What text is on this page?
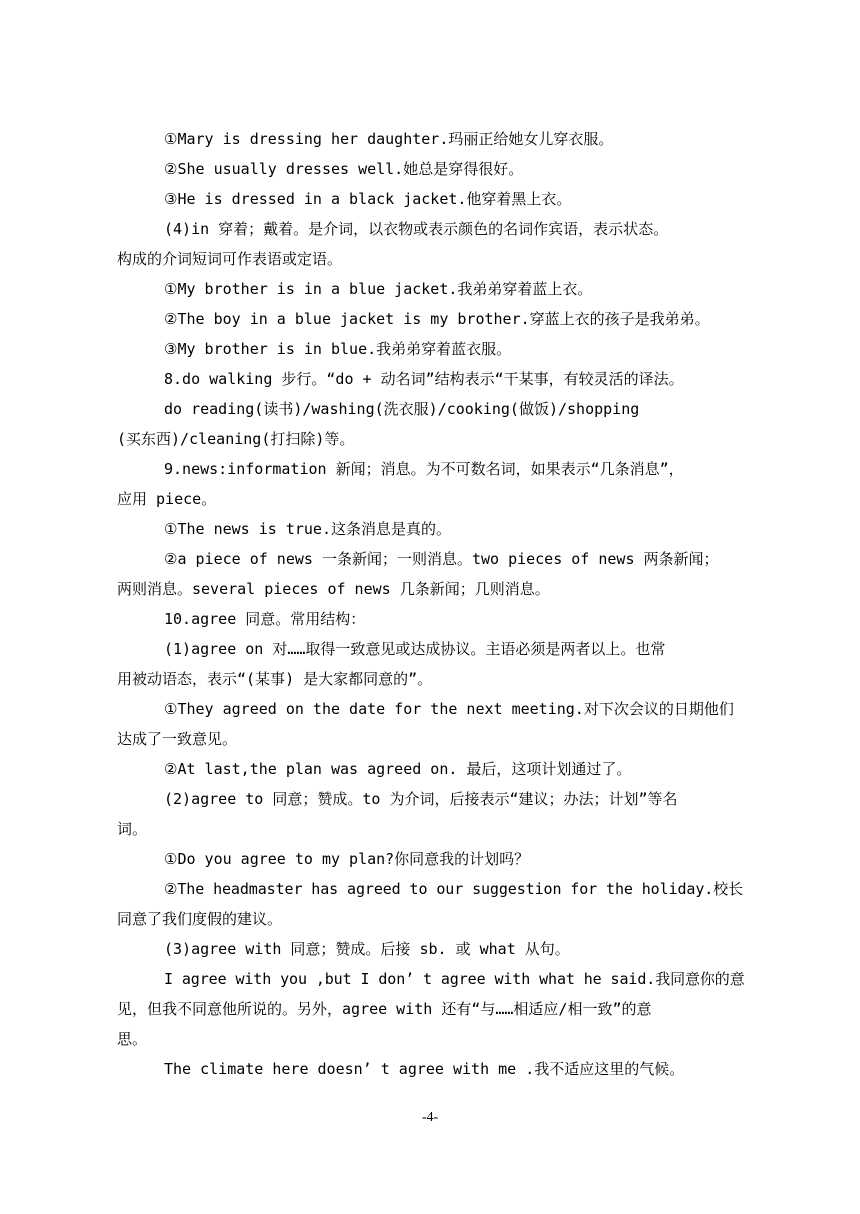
①Mary is dressing her daughter.玛丽正给她女儿穿衣服。
②She usually dresses well.她总是穿得很好。
③He is dressed in a black jacket.他穿着黑上衣。
(4)in 穿着；戴着。是介词，以衣物或表示颜色的名词作宾语，表示状态。
构成的介词短词可作表语或定语。
①My brother is in a blue jacket.我弟弟穿着蓝上衣。
②The boy in a blue jacket is my brother.穿蓝上衣的孩子是我弟弟。
③My brother is in blue.我弟弟穿着蓝衣服。
8.do walking 步行。“do + 动名词”结构表示“干某事，有较灵活的译法。
do reading(读书)/washing(洗衣服)/cooking(做饭)/shopping
(买东西)/cleaning(打扫除)等。
9.news:information 新闻；消息。为不可数名词，如果表示“几条消息”，
应用 piece。
①The news is true.这条消息是真的。
②a piece of news 一条新闻；一则消息。two pieces of news 两条新闻；
两则消息。several pieces of news 几条新闻；几则消息。
10.agree 同意。常用结构：
(1)agree on 对……取得一致意见或达成协议。主语必须是两者以上。也常
用被动语态，表示“(某事) 是大家都同意的”。
①They agreed on the date for the next meeting.对下次会议的日期他们
达成了一致意见。
②At last,the plan was agreed on. 最后，这项计划通过了。
(2)agree to 同意；赞成。to 为介词，后接表示“建议；办法；计划”等名
词。
①Do you agree to my plan?你同意我的计划吗？
②The headmaster has agreed to our suggestion for the holiday.校长
同意了我们度假的建议。
(3)agree with 同意；赞成。后接 sb. 或 what 从句。
I agree with you ,but I don’ t agree with what he said.我同意你的意
见，但我不同意他所说的。另外，agree with 还有“与……相适应/相一致”的意
思。
The climate here doesn’ t agree with me .我不适应这里的气候。
-4-
